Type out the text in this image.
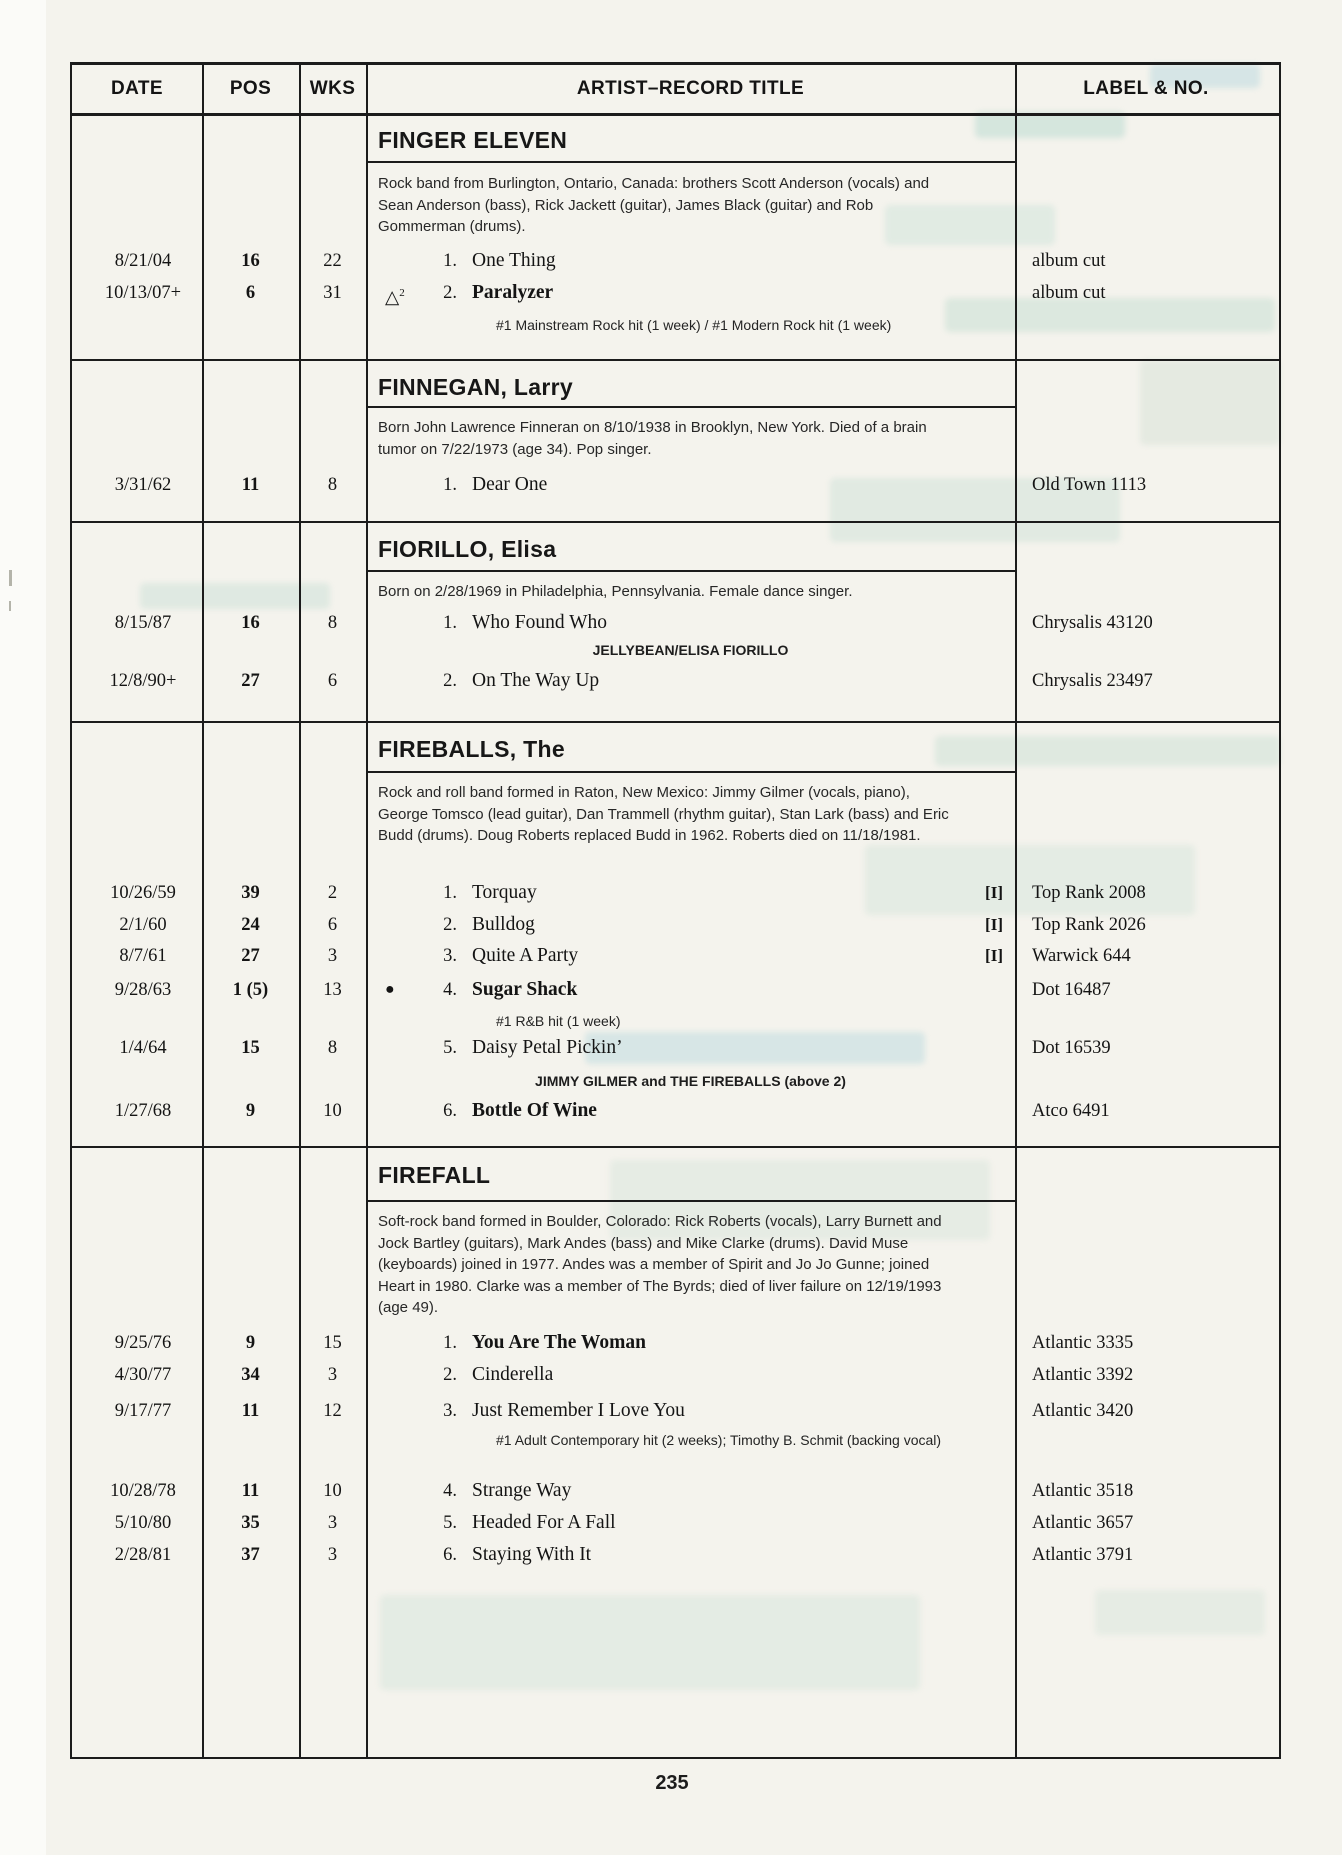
DATE	POS	WKS	ARTIST–RECORD TITLE	LABEL & NO.
FINGER ELEVEN
Rock band from Burlington, Ontario, Canada: brothers Scott Anderson (vocals) and Sean Anderson (bass), Rick Jackett (guitar), James Black (guitar) and Rob Gommerman (drums).
8/21/04	16	22	1. One Thing	album cut
10/13/07+	6	31	△$^2$	2. Paralyzer	album cut
#1 Mainstream Rock hit (1 week) / #1 Modern Rock hit (1 week)
FINNEGAN, Larry
Born John Lawrence Finneran on 8/10/1938 in Brooklyn, New York. Died of a brain tumor on 7/22/1973 (age 34). Pop singer.
3/31/62	11	8	1. Dear One	Old Town 1113
FIORILLO, Elisa
Born on 2/28/1969 in Philadelphia, Pennsylvania. Female dance singer.
8/15/87	16	8	1. Who Found Who	Chrysalis 43120
JELLYBEAN/ELISA FIORILLO
12/8/90+	27	6	2. On The Way Up	Chrysalis 23497
FIREBALLS, The
Rock and roll band formed in Raton, New Mexico: Jimmy Gilmer (vocals, piano), George Tomsco (lead guitar), Dan Trammell (rhythm guitar), Stan Lark (bass) and Eric Budd (drums). Doug Roberts replaced Budd in 1962. Roberts died on 11/18/1981.
10/26/59	39	2	1. Torquay	[I] Top Rank 2008
2/1/60	24	6	2. Bulldog	[I] Top Rank 2026
8/7/61	27	3	3. Quite A Party	[I] Warwick 644
9/28/63	1 (5)	13	●	4. Sugar Shack	Dot 16487
#1 R&B hit (1 week)
1/4/64	15	8	5. Daisy Petal Pickin’	Dot 16539
JIMMY GILMER and THE FIREBALLS (above 2)
1/27/68	9	10	6. Bottle Of Wine	Atco 6491
FIREFALL
Soft-rock band formed in Boulder, Colorado: Rick Roberts (vocals), Larry Burnett and Jock Bartley (guitars), Mark Andes (bass) and Mike Clarke (drums). David Muse (keyboards) joined in 1977. Andes was a member of Spirit and Jo Jo Gunne; joined Heart in 1980. Clarke was a member of The Byrds; died of liver failure on 12/19/1993 (age 49).
9/25/76	9	15	1. You Are The Woman	Atlantic 3335
4/30/77	34	3	2. Cinderella	Atlantic 3392
9/17/77	11	12	3. Just Remember I Love You	Atlantic 3420
#1 Adult Contemporary hit (2 weeks); Timothy B. Schmit (backing vocal)
10/28/78	11	10	4. Strange Way	Atlantic 3518
5/10/80	35	3	5. Headed For A Fall	Atlantic 3657
2/28/81	37	3	6. Staying With It	Atlantic 3791
235
